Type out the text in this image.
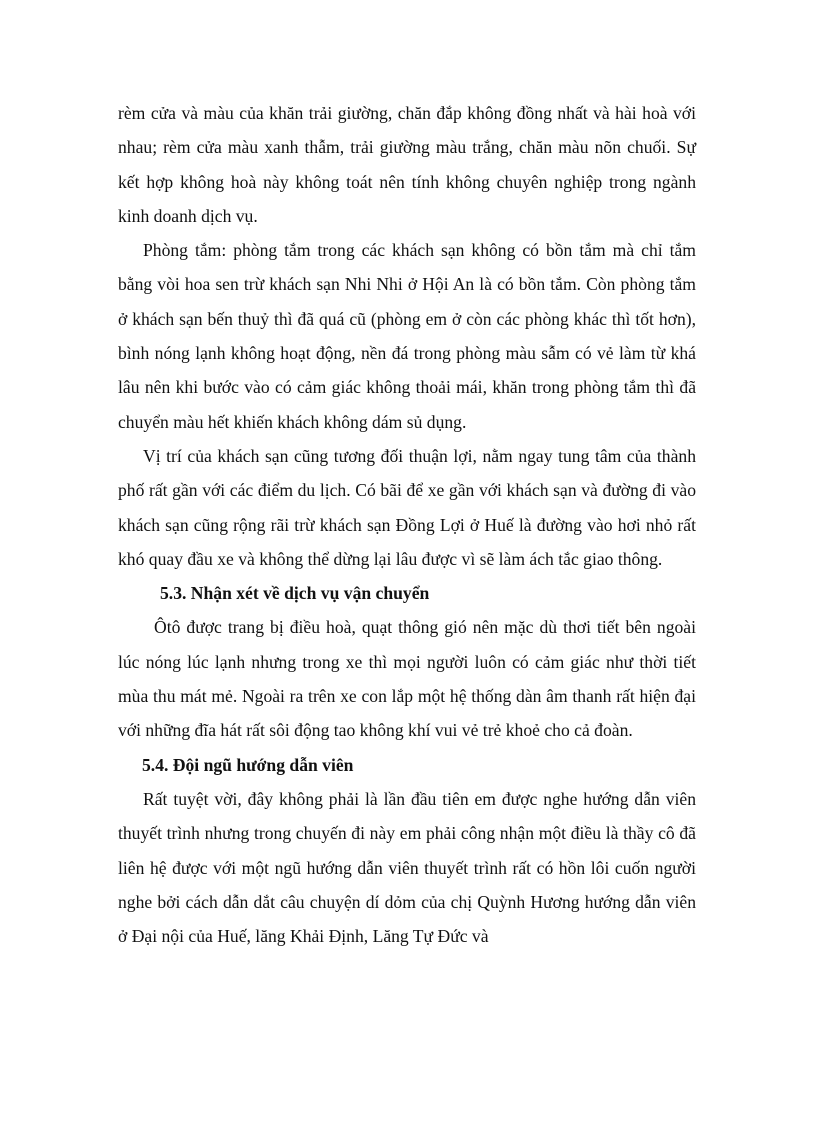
rèm cửa và màu của khăn trải giường, chăn đắp không đồng nhất và hài hoà với nhau; rèm cửa màu xanh thẫm, trải giường màu trắng, chăn màu nõn chuối. Sự kết hợp không hoà này không toát nên tính không chuyên nghiệp trong ngành kinh doanh dịch vụ.

Phòng tắm: phòng tắm trong các khách sạn không có bồn tắm mà chỉ tắm bằng vòi hoa sen trừ khách sạn Nhi Nhi ở Hội An là có bồn tắm. Còn phòng tắm ở khách sạn bến thuỷ thì đã quá cũ (phòng em ở còn các phòng khác thì tốt hơn), bình nóng lạnh không hoạt động, nền đá trong phòng màu sẫm có vẻ làm từ khá lâu nên khi bước vào có cảm giác không thoải mái, khăn trong phòng tắm thì đã chuyển màu hết khiến khách không dám sủ dụng.

Vị trí của khách sạn cũng tương đối thuận lợi, nằm ngay tung tâm của thành phố rất gần với các điểm du lịch. Có bãi để xe gần với khách sạn và đường đi vào khách sạn cũng rộng rãi trừ khách sạn Đồng Lợi ở Huế là đường vào hơi nhỏ rất khó quay đầu xe và không thể dừng lại lâu được vì sẽ làm ách tắc giao thông.

5.3. Nhận xét về dịch vụ vận chuyển

Ôtô được trang bị điều hoà, quạt thông gió nên mặc dù thơi tiết bên ngoài lúc nóng lúc lạnh nhưng trong xe thì mọi người luôn có cảm giác như thời tiết mùa thu mát mẻ. Ngoài ra trên xe con lắp một hệ thống dàn âm thanh rất hiện đại với những đĩa hát rất sôi động tao không khí vui vẻ trẻ khoẻ cho cả đoàn.

5.4. Đội ngũ hướng dẫn viên

Rất tuyệt vời, đây không phải là lần đầu tiên em được nghe hướng dẫn viên thuyết trình nhưng trong chuyến đi này em phải công nhận một điều là thầy cô đã liên hệ được với một ngũ hướng dẫn viên thuyết trình rất có hồn lôi cuốn người nghe bởi cách dẫn dắt câu chuyện dí dỏm của chị Quỳnh Hương hướng dẫn viên ở Đại nội của Huế, lăng Khải Định, Lăng Tự Đức và
